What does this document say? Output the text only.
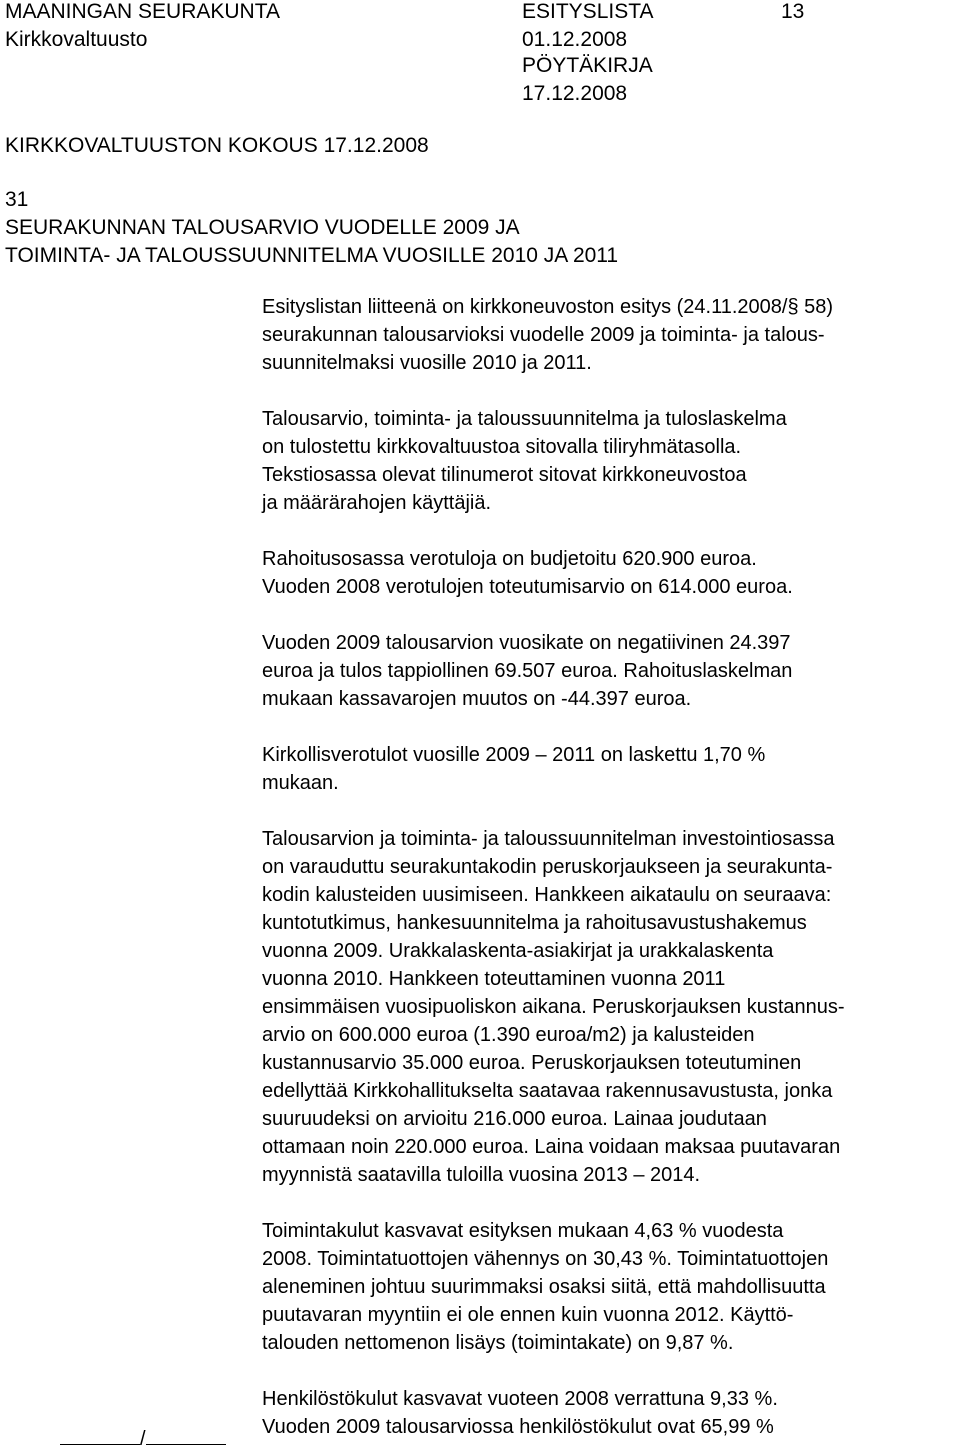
MAANINGAN SEURAKUNTA
Kirkkovaltuusto
ESITYSLISTA
01.12.2008
PÖYTÄKIRJA
17.12.2008
13
KIRKKOVALTUUSTON KOKOUS 17.12.2008
31
SEURAKUNNAN TALOUSARVIO VUODELLE 2009 JA
TOIMINTA- JA TALOUSSUUNNITELMA VUOSILLE 2010 JA 2011
Esityslistan liitteenä on kirkkoneuvoston esitys (24.11.2008/§ 58)
seurakunnan talousarvioksi vuodelle 2009 ja toiminta- ja talous-
suunnitelmaksi vuosille 2010 ja 2011.
Talousarvio, toiminta- ja taloussuunnitelma ja tuloslaskelma
on tulostettu kirkkovaltuustoa sitovalla tiliryhmätasolla.
Tekstiosassa olevat tilinumerot sitovat kirkkoneuvostoa
ja määrärahojen käyttäjiä.
Rahoitusosassa verotuloja on budjetoitu 620.900 euroa.
Vuoden 2008 verotulojen toteutumisarvio on 614.000 euroa.
Vuoden 2009 talousarvion vuosikate on negatiivinen 24.397
euroa ja tulos tappiollinen 69.507 euroa. Rahoituslaskelman
mukaan kassavarojen muutos on -44.397 euroa.
Kirkollisverotulot vuosille 2009 – 2011 on laskettu 1,70 %
mukaan.
Talousarvion ja toiminta- ja taloussuunnitelman investointiosassa
on varauduttu seurakuntakodin peruskorjaukseen ja seurakunta-
kodin kalusteiden uusimiseen. Hankkeen aikataulu on seuraava:
kuntotutkimus, hankesuunnitelma ja rahoitusavustushakemus
vuonna 2009. Urakkalaskenta-asiakirjat ja urakkalaskenta
vuonna 2010. Hankkeen toteuttaminen vuonna 2011
ensimmäisen vuosipuoliskon aikana. Peruskorjauksen kustannus-
arvio on 600.000 euroa (1.390 euroa/m2) ja kalusteiden
kustannusarvio 35.000 euroa. Peruskorjauksen toteutuminen
edellyttää Kirkkohallitukselta saatavaa rakennusavustusta, jonka
suuruudeksi on arvioitu 216.000 euroa. Lainaa joudutaan
ottamaan noin 220.000 euroa. Laina voidaan maksaa puutavaran
myynnistä saatavilla tuloilla vuosina 2013 – 2014.
Toimintakulut kasvavat esityksen mukaan 4,63 % vuodesta
2008. Toimintatuottojen vähennys on 30,43 %. Toimintatuottojen
aleneminen johtuu suurimmaksi osaksi siitä, että mahdollisuutta
puutavaran myyntiin ei ole ennen kuin vuonna 2012. Käyttö-
talouden nettomenon lisäys (toimintakate) on 9,87 %.
Henkilöstökulut kasvavat vuoteen 2008 verrattuna 9,33 %.
Vuoden 2009 talousarviossa henkilöstökulut ovat 65,99 %
/
